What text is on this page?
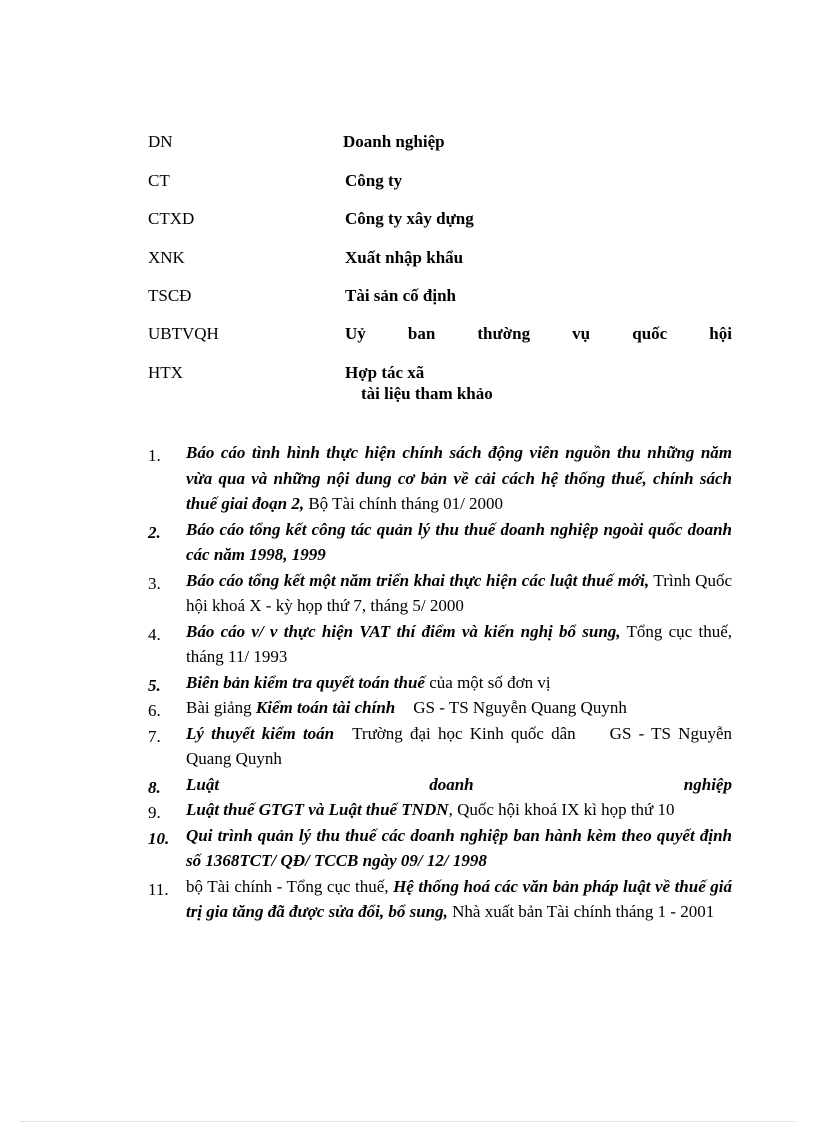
DN	Doanh nghiệp
CT	Công ty
CTXD	Công ty xây dựng
XNK	Xuất nhập khẩu
TSCĐ	Tài sản cố định
UBTVQH	Uỷ ban thường vụ quốc hội
HTX	Hợp tác xã
tài liệu tham khảo
1. Báo cáo tình hình thực hiện chính sách động viên nguồn thu những năm vừa qua và những nội dung cơ bản về cải cách hệ thống thuế, chính sách thuế giai đoạn 2, Bộ Tài chính tháng 01/ 2000
2. Báo cáo tổng kết công tác quản lý thu thuế doanh nghiệp ngoài quốc doanh các năm 1998, 1999
3. Báo cáo tổng kết một năm triển khai thực hiện các luật thuế mới, Trình Quốc hội khoá X - kỳ họp thứ 7, tháng 5/ 2000
4. Báo cáo v/ v thực hiện VAT thí điểm và kiến nghị bổ sung, Tổng cục thuế, tháng 11/ 1993
5. Biên bản kiểm tra quyết toán thuế của một số đơn vị
6. Bài giảng Kiểm toán tài chính GS - TS Nguyễn Quang Quynh
7. Lý thuyết kiểm toán Trường đại học Kinh quốc dân GS - TS Nguyễn Quang Quynh
8. Luật	doanh	nghiệp
9. Luật thuế GTGT và Luật thuế TNDN, Quốc hội khoá IX kì họp thứ 10
10. Qui trình quản lý thu thuế các doanh nghiệp ban hành kèm theo quyết định số 1368TCT/ QĐ/ TCCB ngày 09/ 12/ 1998
11. bộ Tài chính - Tổng cục thuế, Hệ thống hoá các văn bản pháp luật về thuế giá trị gia tăng đã được sửa đổi, bổ sung, Nhà xuất bản Tài chính tháng 1 - 2001
